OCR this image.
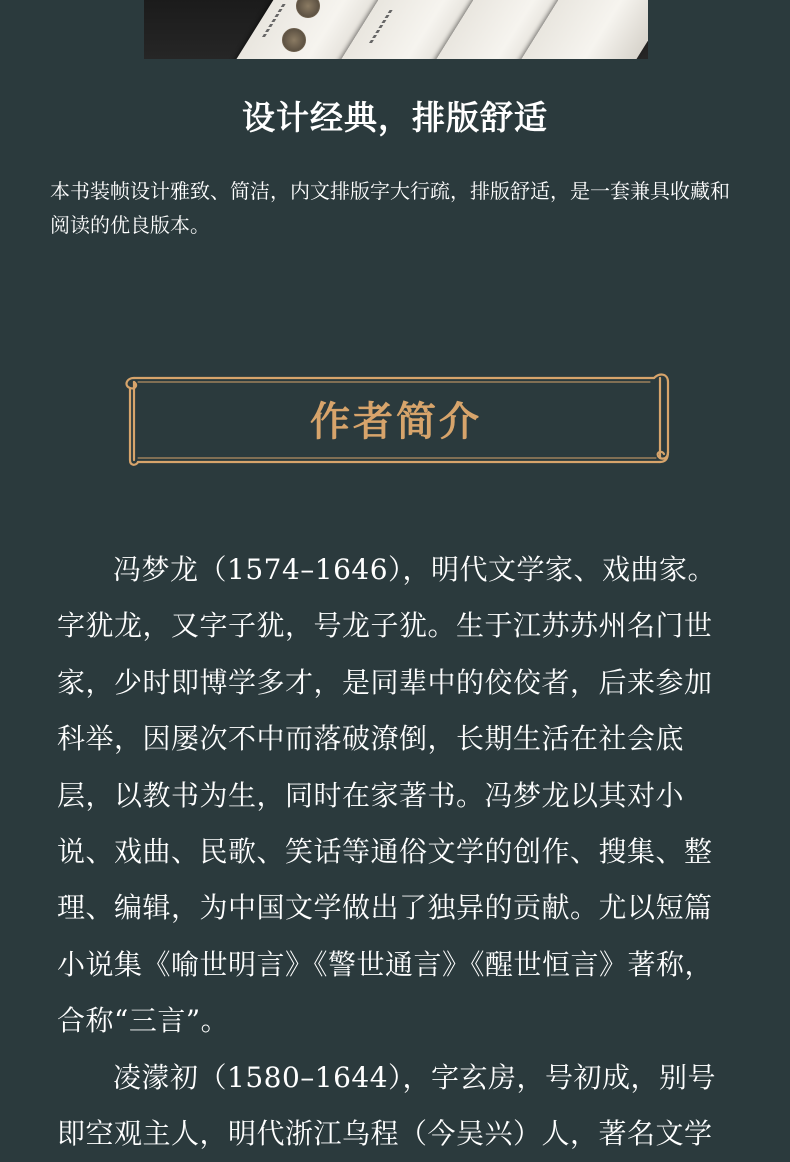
设计经典，排版舒适
本书装帧设计雅致、简洁，内文排版字大行疏，排版舒适，是一套兼具收藏和阅读的优良版本。
作者简介

冯梦龙（1574–1646），明代文学家、戏曲家。字犹龙，又字子犹，号龙子犹。生于江苏苏州名门世家，少时即博学多才，是同辈中的佼佼者，后来参加科举，因屡次不中而落破潦倒，长期生活在社会底层，以教书为生，同时在家著书。冯梦龙以其对小说、戏曲、民歌、笑话等通俗文学的创作、搜集、整理、编辑，为中国文学做出了独异的贡献。尤以短篇小说集《喻世明言》《警世通言》《醒世恒言》著称，合称“三言”。

凌濛初（1580–1644），字玄房，号初成，别号即空观主人，明代浙江乌程（今吴兴）人，著名文学
